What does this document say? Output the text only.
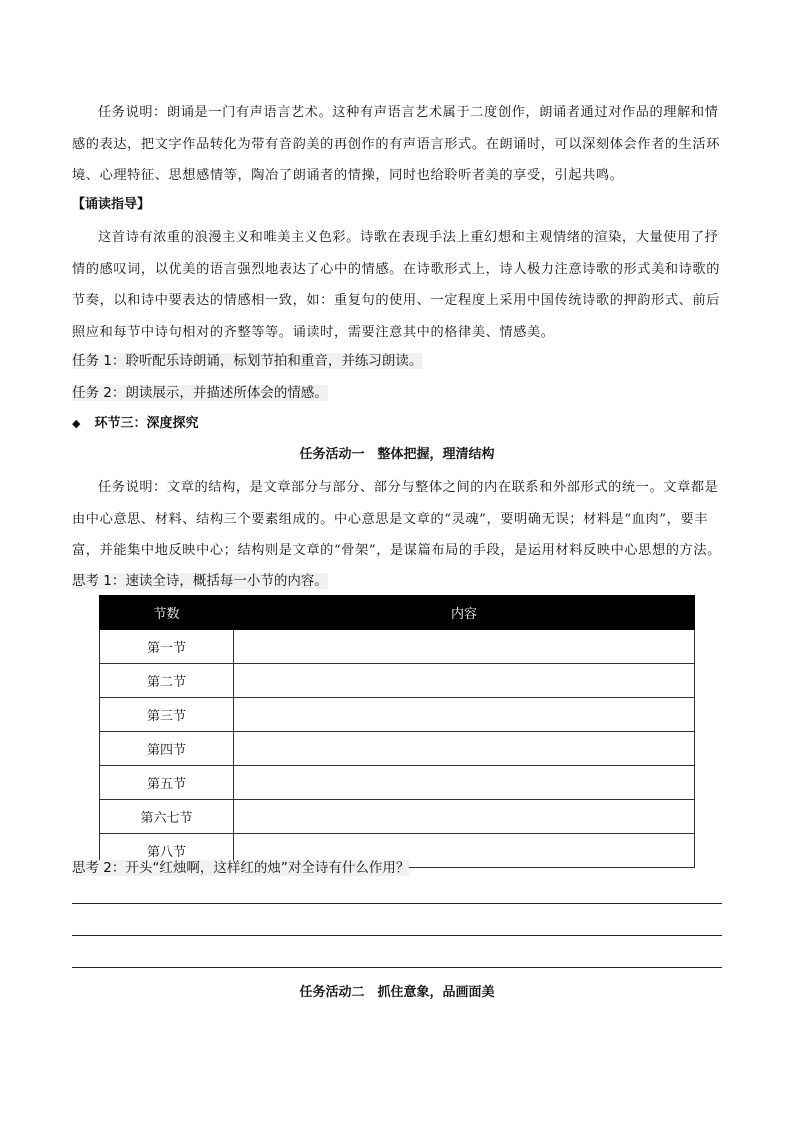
任务说明：朗诵是一门有声语言艺术。这种有声语言艺术属于二度创作，朗诵者通过对作品的理解和情感的表达，把文字作品转化为带有音韵美的再创作的有声语言形式。在朗诵时，可以深刻体会作者的生活环境、心理特征、思想感情等，陶冶了朗诵者的情操，同时也给聆听者美的享受，引起共鸣。

【诵读指导】

这首诗有浓重的浪漫主义和唯美主义色彩。诗歌在表现手法上重幻想和主观情绪的渲染，大量使用了抒情的感叹词，以优美的语言强烈地表达了心中的情感。在诗歌形式上，诗人极力注意诗歌的形式美和诗歌的节奏，以和诗中要表达的情感相一致，如：重复句的使用、一定程度上采用中国传统诗歌的押韵形式、前后照应和每节中诗句相对的齐整等等。诵读时，需要注意其中的格律美、情感美。

任务 1：聆听配乐诗朗诵，标划节拍和重音，并练习朗读。
任务 2：朗读展示，并描述所体会的情感。
◆ 环节三：深度探究
任务活动一　整体把握，理清结构

任务说明：文章的结构，是文章部分与部分、部分与整体之间的内在联系和外部形式的统一。文章都是由中心意思、材料、结构三个要素组成的。中心意思是文章的“灵魂”，要明确无误；材料是“血肉”，要丰富，并能集中地反映中心；结构则是文章的“骨架”，是谋篇布局的手段，是运用材料反映中心思想的方法。

思考 1：速读全诗，概括每一小节的内容。
节数	内容
第一节	
第二节	
第三节	
第四节	
第五节	
第六七节	
第八节	
思考 2：开头“红烛啊，这样红的烛”对全诗有什么作用？
任务活动二　抓住意象，品画面美
